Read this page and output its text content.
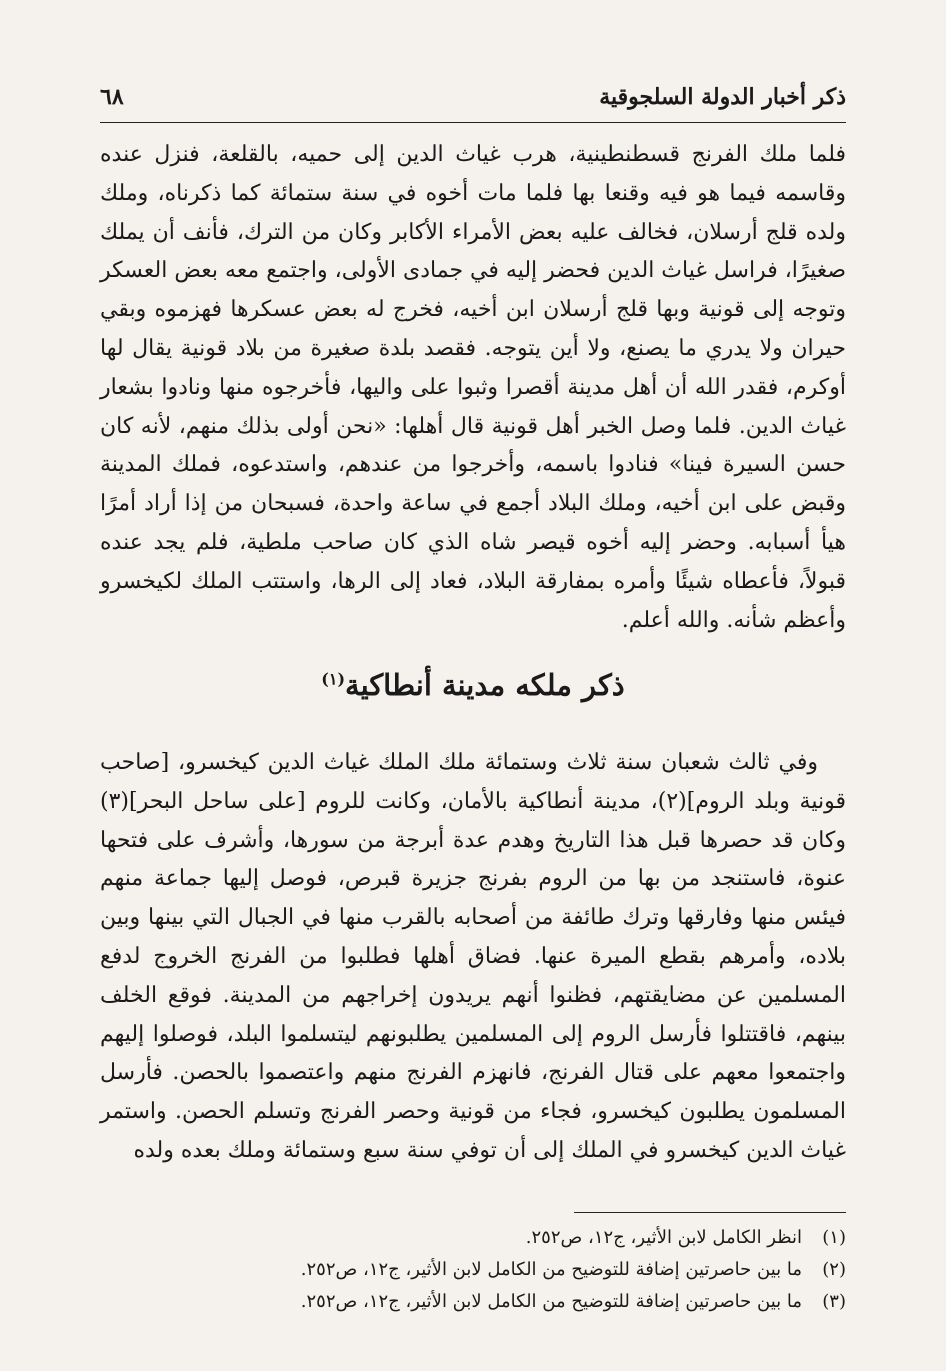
ذكر أخبار الدولة السلجوقية
٦٨

فلما ملك الفرنج قسطنطينية، هرب غياث الدين إلى حميه، بالقلعة، فنزل عنده وقاسمه فيما هو فيه وقنعا بها فلما مات أخوه في سنة ستمائة كما ذكرناه، وملك ولده قلج أرسلان، فخالف عليه بعض الأمراء الأكابر وكان من الترك، فأنف أن يملك صغيرًا، فراسل غياث الدين فحضر إليه في جمادى الأولى، واجتمع معه بعض العسكر وتوجه إلى قونية وبها قلج أرسلان ابن أخيه، فخرج له بعض عسكرها فهزموه وبقي حيران ولا يدري ما يصنع، ولا أين يتوجه. فقصد بلدة صغيرة من بلاد قونية يقال لها أوكرم، فقدر الله أن أهل مدينة أقصرا وثبوا على واليها، فأخرجوه منها ونادوا بشعار غياث الدين. فلما وصل الخبر أهل قونية قال أهلها: «نحن أولى بذلك منهم، لأنه كان حسن السيرة فينا» فنادوا باسمه، وأخرجوا من عندهم، واستدعوه، فملك المدينة وقبض على ابن أخيه، وملك البلاد أجمع في ساعة واحدة، فسبحان من إذا أراد أمرًا هيأ أسبابه. وحضر إليه أخوه قيصر شاه الذي كان صاحب ملطية، فلم يجد عنده قبولاً، فأعطاه شيئًا وأمره بمفارقة البلاد، فعاد إلى الرها، واستتب الملك لكيخسرو وأعظم شأنه. والله أعلم.

ذكر ملكه مدينة أنطاكية$^{(١)}$

وفي ثالث شعبان سنة ثلاث وستمائة ملك الملك غياث الدين كيخسرو، [صاحب قونية وبلد الروم](٢)، مدينة أنطاكية بالأمان، وكانت للروم [على ساحل البحر](٣) وكان قد حصرها قبل هذا التاريخ وهدم عدة أبرجة من سورها، وأشرف على فتحها عنوة، فاستنجد من بها من الروم بفرنج جزيرة قبرص، فوصل إليها جماعة منهم فيئس منها وفارقها وترك طائفة من أصحابه بالقرب منها في الجبال التي بينها وبين بلاده، وأمرهم بقطع الميرة عنها. فضاق أهلها فطلبوا من الفرنج الخروج لدفع المسلمين عن مضايقتهم، فظنوا أنهم يريدون إخراجهم من المدينة. فوقع الخلف بينهم، فاقتتلوا فأرسل الروم إلى المسلمين يطلبونهم ليتسلموا البلد، فوصلوا إليهم واجتمعوا معهم على قتال الفرنج، فانهزم الفرنج منهم واعتصموا بالحصن. فأرسل المسلمون يطلبون كيخسرو، فجاء من قونية وحصر الفرنج وتسلم الحصن. واستمر غياث الدين كيخسرو في الملك إلى أن توفي سنة سبع وستمائة وملك بعده ولده

(١)
انظر الكامل لابن الأثير، ج١٢، ص٢٥٢.
(٢)
ما بين حاصرتين إضافة للتوضيح من الكامل لابن الأثير، ج١٢، ص٢٥٢.
(٣)
ما بين حاصرتين إضافة للتوضيح من الكامل لابن الأثير، ج١٢، ص٢٥٢.
